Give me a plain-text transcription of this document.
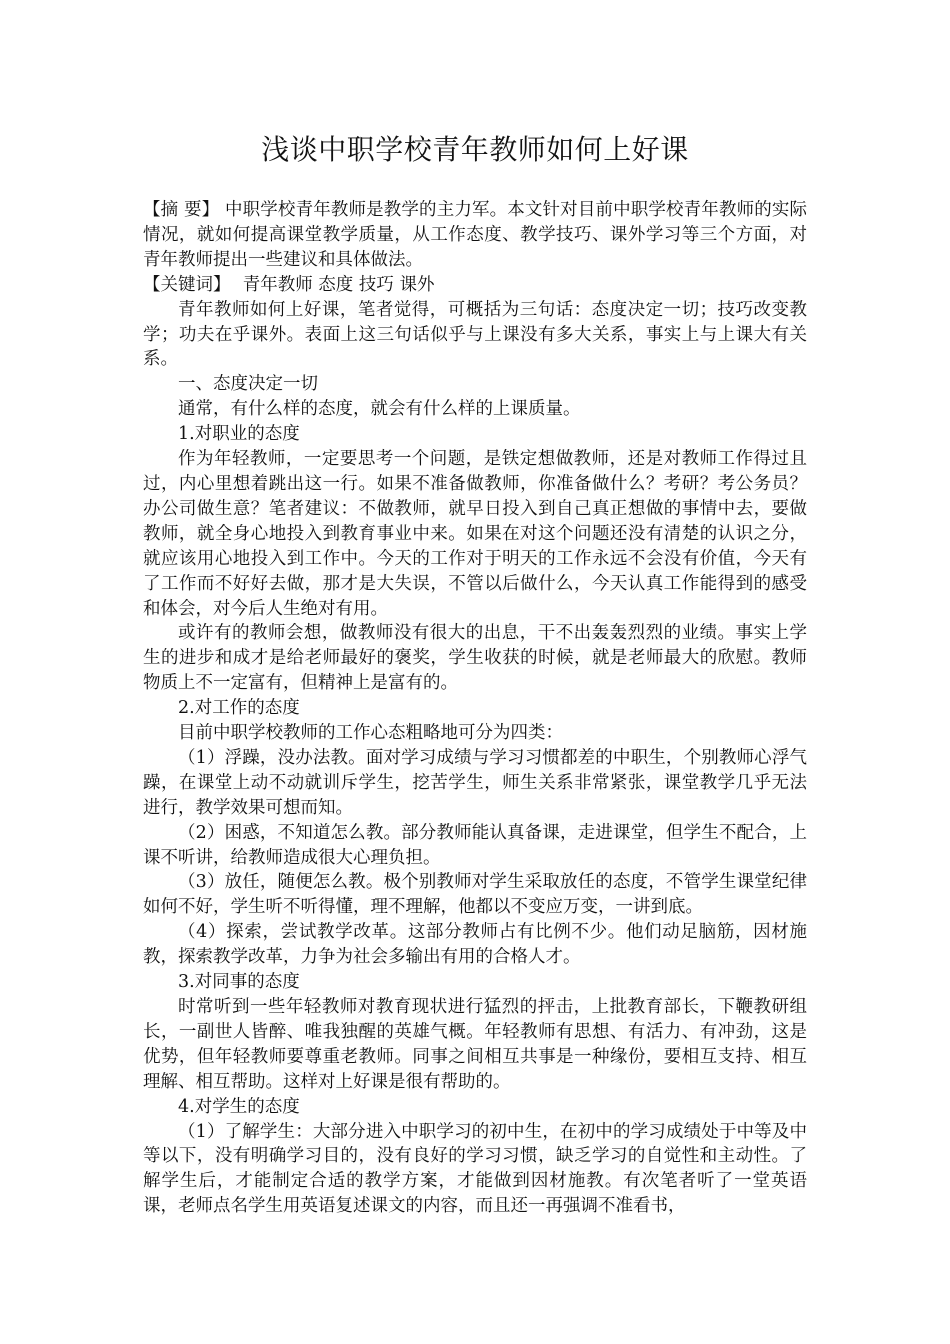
浅谈中职学校青年教师如何上好课

【摘 要】 中职学校青年教师是教学的主力军。本文针对目前中职学校青年教师的实际情况，就如何提高课堂教学质量，从工作态度、教学技巧、课外学习等三个方面，对青年教师提出一些建议和具体做法。

【关键词】 青年教师 态度 技巧 课外

青年教师如何上好课，笔者觉得，可概括为三句话：态度决定一切；技巧改变教学；功夫在乎课外。表面上这三句话似乎与上课没有多大关系，事实上与上课大有关系。

一、态度决定一切

通常，有什么样的态度，就会有什么样的上课质量。

1.对职业的态度

作为年轻教师，一定要思考一个问题，是铁定想做教师，还是对教师工作得过且过，内心里想着跳出这一行。如果不准备做教师，你准备做什么？考研？考公务员？办公司做生意？笔者建议：不做教师，就早日投入到自己真正想做的事情中去，要做教师，就全身心地投入到教育事业中来。如果在对这个问题还没有清楚的认识之分，就应该用心地投入到工作中。今天的工作对于明天的工作永远不会没有价值，今天有了工作而不好好去做，那才是大失误，不管以后做什么，今天认真工作能得到的感受和体会，对今后人生绝对有用。

或许有的教师会想，做教师没有很大的出息，干不出轰轰烈烈的业绩。事实上学生的进步和成才是给老师最好的褒奖，学生收获的时候，就是老师最大的欣慰。教师物质上不一定富有，但精神上是富有的。

2.对工作的态度

目前中职学校教师的工作心态粗略地可分为四类：

（1）浮躁，没办法教。面对学习成绩与学习习惯都差的中职生，个别教师心浮气躁，在课堂上动不动就训斥学生，挖苦学生，师生关系非常紧张，课堂教学几乎无法进行，教学效果可想而知。

（2）困惑，不知道怎么教。部分教师能认真备课，走进课堂，但学生不配合，上课不听讲，给教师造成很大心理负担。

（3）放任，随便怎么教。极个别教师对学生采取放任的态度，不管学生课堂纪律如何不好，学生听不听得懂，理不理解，他都以不变应万变，一讲到底。

（4）探索，尝试教学改革。这部分教师占有比例不少。他们动足脑筋，因材施教，探索教学改革，力争为社会多输出有用的合格人才。

3.对同事的态度

时常听到一些年轻教师对教育现状进行猛烈的抨击，上批教育部长，下鞭教研组长，一副世人皆醉、唯我独醒的英雄气概。年轻教师有思想、有活力、有冲劲，这是优势，但年轻教师要尊重老教师。同事之间相互共事是一种缘份，要相互支持、相互理解、相互帮助。这样对上好课是很有帮助的。

4.对学生的态度

（1）了解学生：大部分进入中职学习的初中生，在初中的学习成绩处于中等及中等以下，没有明确学习目的，没有良好的学习习惯，缺乏学习的自觉性和主动性。了解学生后，才能制定合适的教学方案，才能做到因材施教。有次笔者听了一堂英语课，老师点名学生用英语复述课文的内容，而且还一再强调不准看书，
